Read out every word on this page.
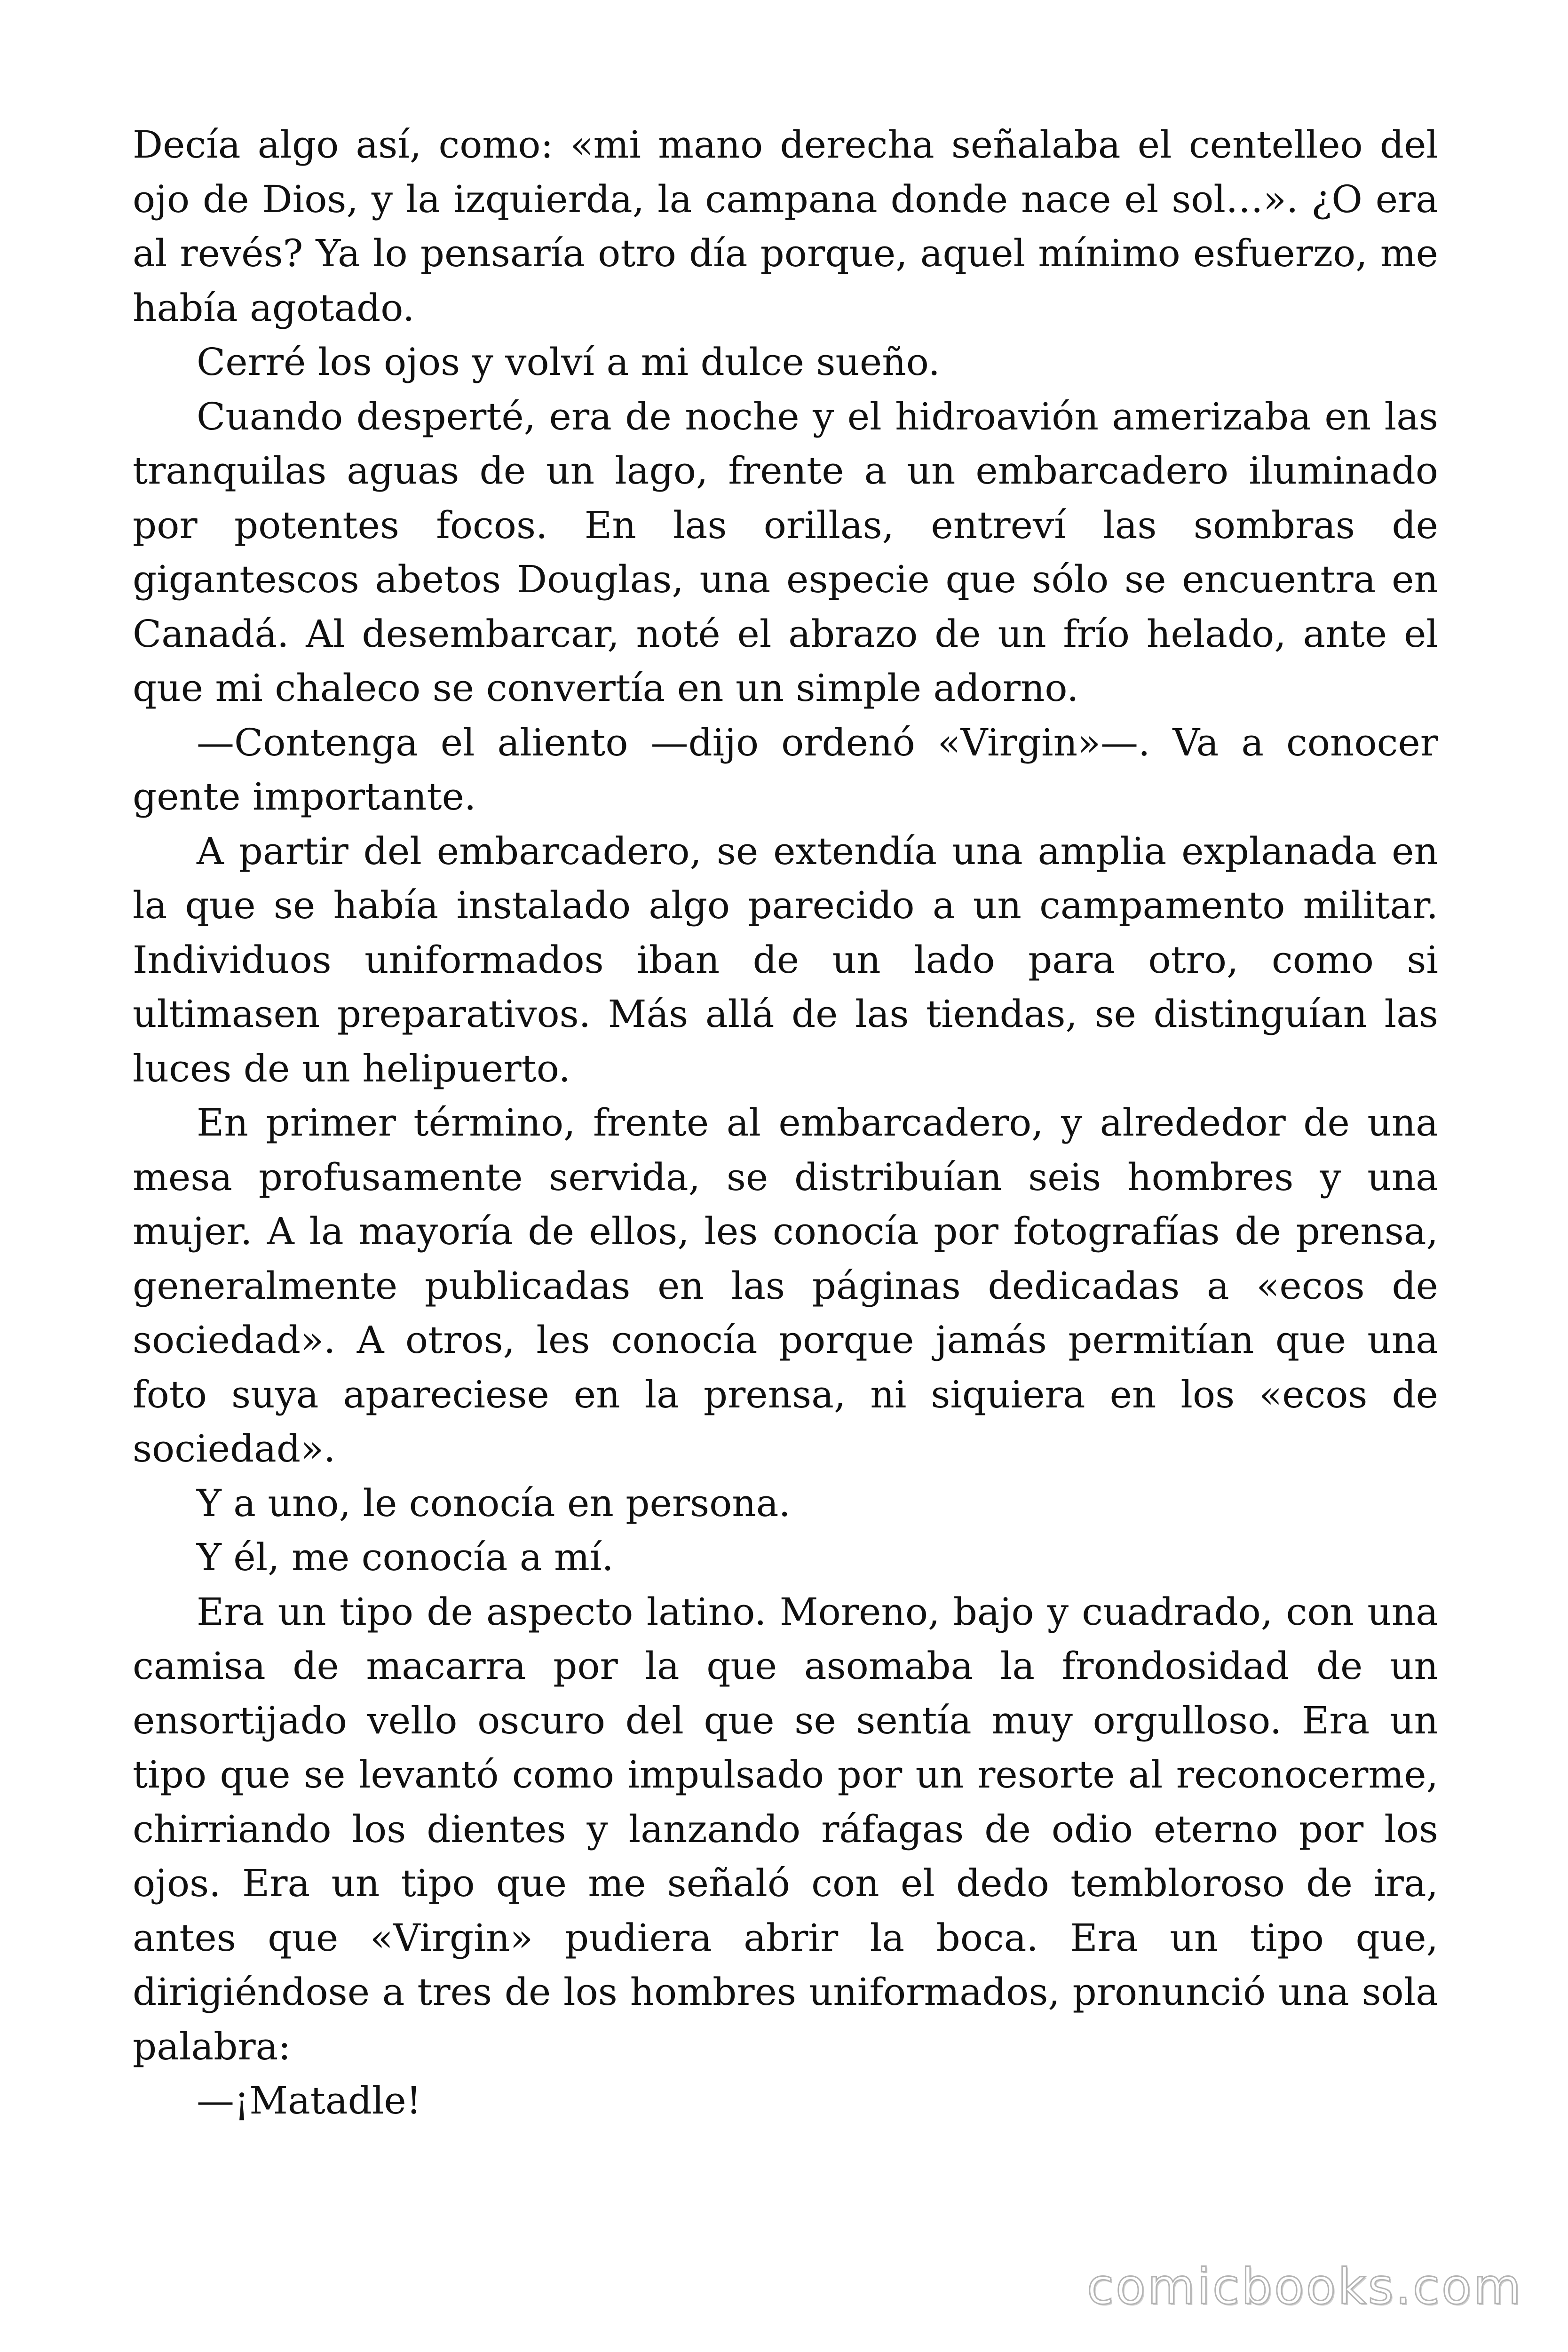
Decía algo así, como: «mi mano derecha señalaba el centelleo del ojo de Dios, y la izquierda, la campana donde nace el sol…». ¿O era al revés? Ya lo pensaría otro día porque, aquel mínimo esfuerzo, me había agotado.

Cerré los ojos y volví a mi dulce sueño.

Cuando desperté, era de noche y el hidroavión amerizaba en las tranquilas aguas de un lago, frente a un embarcadero iluminado por potentes focos. En las orillas, entreví las sombras de gigantescos abetos Douglas, una especie que sólo se encuentra en Canadá. Al desembarcar, noté el abrazo de un frío helado, ante el que mi chaleco se convertía en un simple adorno.

—Contenga el aliento —dijo ordenó «Virgin»—. Va a conocer gente importante.

A partir del embarcadero, se extendía una amplia explanada en la que se había instalado algo parecido a un campamento militar. Individuos uniformados iban de un lado para otro, como si ultimasen preparativos. Más allá de las tiendas, se distinguían las luces de un helipuerto.

En primer término, frente al embarcadero, y alrededor de una mesa profusamente servida, se distribuían seis hombres y una mujer. A la mayoría de ellos, les conocía por fotografías de prensa, generalmente publicadas en las páginas dedicadas a «ecos de sociedad». A otros, les conocía porque jamás permitían que una foto suya apareciese en la prensa, ni siquiera en los «ecos de sociedad».

Y a uno, le conocía en persona.

Y él, me conocía a mí.

Era un tipo de aspecto latino. Moreno, bajo y cuadrado, con una camisa de macarra por la que asomaba la frondosidad de un ensortijado vello oscuro del que se sentía muy orgulloso. Era un tipo que se levantó como impulsado por un resorte al reconocerme, chirriando los dientes y lanzando ráfagas de odio eterno por los ojos. Era un tipo que me señaló con el dedo tembloroso de ira, antes que «Virgin» pudiera abrir la boca. Era un tipo que, dirigiéndose a tres de los hombres uniformados, pronunció una sola palabra:

—¡Matadle!

comicbooks.com
